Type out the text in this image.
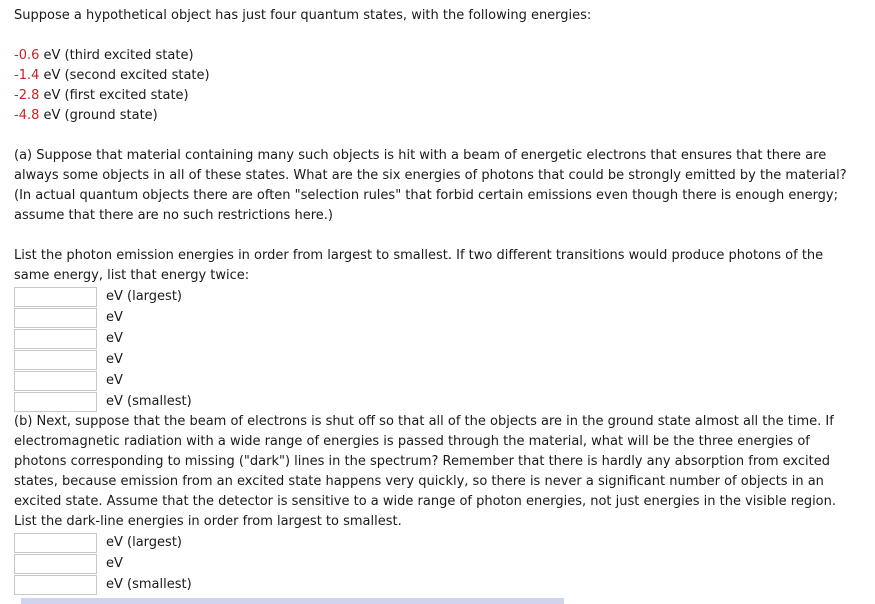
Suppose a hypothetical object has just four quantum states, with the following energies:

-0.6 eV (third excited state)

-1.4 eV (second excited state)

-2.8 eV (first excited state)

-4.8 eV (ground state)

(a) Suppose that material containing many such objects is hit with a beam of energetic electrons that ensures that there are always some objects in all of these states. What are the six energies of photons that could be strongly emitted by the material? (In actual quantum objects there are often "selection rules" that forbid certain emissions even though there is enough energy; assume that there are no such restrictions here.)

List the photon emission energies in order from largest to smallest. If two different transitions would produce photons of the same energy, list that energy twice:

eV (largest)
eV
eV
eV
eV
eV (smallest)

(b) Next, suppose that the beam of electrons is shut off so that all of the objects are in the ground state almost all the time. If electromagnetic radiation with a wide range of energies is passed through the material, what will be the three energies of photons corresponding to missing ("dark") lines in the spectrum? Remember that there is hardly any absorption from excited states, because emission from an excited state happens very quickly, so there is never a significant number of objects in an excited state. Assume that the detector is sensitive to a wide range of photon energies, not just energies in the visible region. List the dark-line energies in order from largest to smallest.

eV (largest)
eV
eV (smallest)
